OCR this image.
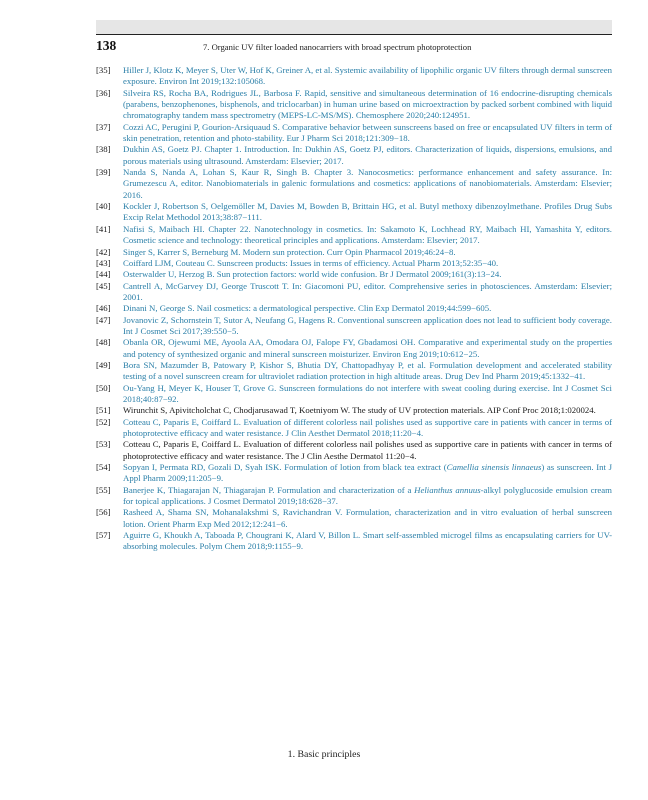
138	7. Organic UV filter loaded nanocarriers with broad spectrum photoprotection
[35]	Hiller J, Klotz K, Meyer S, Uter W, Hof K, Greiner A, et al. Systemic availability of lipophilic organic UV filters through dermal sunscreen exposure. Environ Int 2019;132:105068.
[36]	Silveira RS, Rocha BA, Rodrigues JL, Barbosa F. Rapid, sensitive and simultaneous determination of 16 endocrine-disrupting chemicals (parabens, benzophenones, bisphenols, and triclocarban) in human urine based on microextraction by packed sorbent combined with liquid chromatography tandem mass spectrometry (MEPS-LC-MS/MS). Chemosphere 2020;240:124951.
[37]	Cozzi AC, Perugini P, Gourion-Arsiquaud S. Comparative behavior between sunscreens based on free or encapsulated UV filters in term of skin penetration, retention and photo-stability. Eur J Pharm Sci 2018;121:309−18.
[38]	Dukhin AS, Goetz PJ. Chapter 1. Introduction. In: Dukhin AS, Goetz PJ, editors. Characterization of liquids, dispersions, emulsions, and porous materials using ultrasound. Amsterdam: Elsevier; 2017.
[39]	Nanda S, Nanda A, Lohan S, Kaur R, Singh B. Chapter 3. Nanocosmetics: performance enhancement and safety assurance. In: Grumezescu A, editor. Nanobiomaterials in galenic formulations and cosmetics: applications of nanobiomaterials. Amsterdam: Elsevier; 2016.
[40]	Kockler J, Robertson S, Oelgemöller M, Davies M, Bowden B, Brittain HG, et al. Butyl methoxy dibenzoylmethane. Profiles Drug Subs Excip Relat Methodol 2013;38:87−111.
[41]	Nafisi S, Maibach HI. Chapter 22. Nanotechnology in cosmetics. In: Sakamoto K, Lochhead RY, Maibach HI, Yamashita Y, editors. Cosmetic science and technology: theoretical principles and applications. Amsterdam: Elsevier; 2017.
[42]	Singer S, Karrer S, Berneburg M. Modern sun protection. Curr Opin Pharmacol 2019;46:24−8.
[43]	Coiffard LJM, Couteau C. Sunscreen products: Issues in terms of efficiency. Actual Pharm 2013;52:35−40.
[44]	Osterwalder U, Herzog B. Sun protection factors: world wide confusion. Br J Dermatol 2009;161(3):13−24.
[45]	Cantrell A, McGarvey DJ, George Truscott T. In: Giacomoni PU, editor. Comprehensive series in photosciences. Amsterdam: Elsevier; 2001.
[46]	Dinani N, George S. Nail cosmetics: a dermatological perspective. Clin Exp Dermatol 2019;44:599−605.
[47]	Jovanovic Z, Schornstein T, Sutor A, Neufang G, Hagens R. Conventional sunscreen application does not lead to sufficient body coverage. Int J Cosmet Sci 2017;39:550−5.
[48]	Obanla OR, Ojewumi ME, Ayoola AA, Omodara OJ, Falope FY, Gbadamosi OH. Comparative and experimental study on the properties and potency of synthesized organic and mineral sunscreen moisturizer. Environ Eng 2019;10:612−25.
[49]	Bora SN, Mazumder B, Patowary P, Kishor S, Bhutia DY, Chattopadhyay P, et al. Formulation development and accelerated stability testing of a novel sunscreen cream for ultraviolet radiation protection in high altitude areas. Drug Dev Ind Pharm 2019;45:1332−41.
[50]	Ou-Yang H, Meyer K, Houser T, Grove G. Sunscreen formulations do not interfere with sweat cooling during exercise. Int J Cosmet Sci 2018;40:87−92.
[51]	Wirunchit S, Apivitcholchat C, Chodjarusawad T, Koetniyom W. The study of UV protection materials. AIP Conf Proc 2018;1:020024.
[52]	Cotteau C, Paparis E, Coiffard L. Evaluation of different colorless nail polishes used as supportive care in patients with cancer in terms of photoprotective efficacy and water resistance. J Clin Aesthet Dermatol 2018;11:20−4.
[53]	Cotteau C, Paparis E, Coiffard L. Evaluation of different colorless nail polishes used as supportive care in patients with cancer in terms of photoprotective efficacy and water resistance. The J Clin Aesthe Dermatol 11:20−4.
[54]	Sopyan I, Permata RD, Gozali D, Syah ISK. Formulation of lotion from black tea extract (Camellia sinensis linnaeus) as sunscreen. Int J Appl Pharm 2009;11:205−9.
[55]	Banerjee K, Thiagarajan N, Thiagarajan P. Formulation and characterization of a Helianthus annuus-alkyl polyglucoside emulsion cream for topical applications. J Cosmet Dermatol 2019;18:628−37.
[56]	Rasheed A, Shama SN, Mohanalakshmi S, Ravichandran V. Formulation, characterization and in vitro evaluation of herbal sunscreen lotion. Orient Pharm Exp Med 2012;12:241−6.
[57]	Aguirre G, Khoukh A, Taboada P, Chougrani K, Alard V, Billon L. Smart self-assembled microgel films as encapsulating carriers for UV-absorbing molecules. Polym Chem 2018;9:1155−9.
1. Basic principles
